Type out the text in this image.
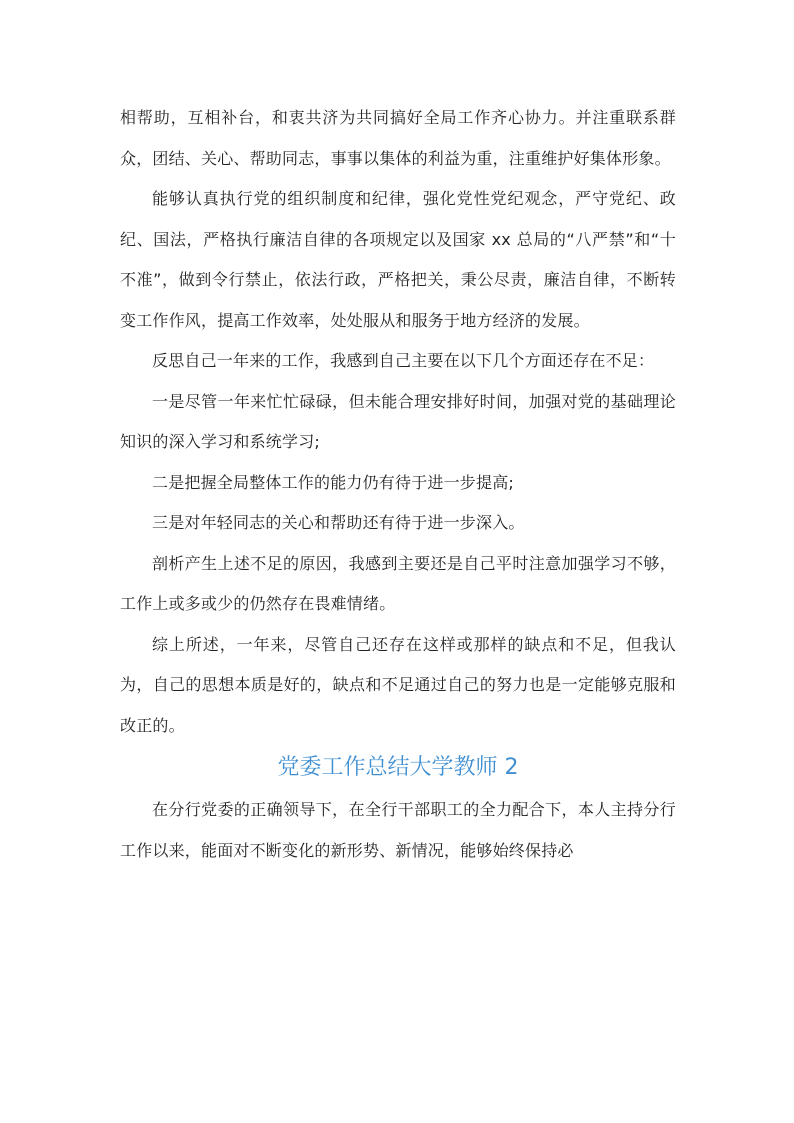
相帮助，互相补台，和衷共济为共同搞好全局工作齐心协力。并注重联系群众，团结、关心、帮助同志，事事以集体的利益为重，注重维护好集体形象。

能够认真执行党的组织制度和纪律，强化党性党纪观念，严守党纪、政纪、国法，严格执行廉洁自律的各项规定以及国家 xx 总局的“八严禁”和“十不准”，做到令行禁止，依法行政，严格把关，秉公尽责，廉洁自律，不断转变工作作风，提高工作效率，处处服从和服务于地方经济的发展。

反思自己一年来的工作，我感到自己主要在以下几个方面还存在不足：

一是尽管一年来忙忙碌碌，但未能合理安排好时间，加强对党的基础理论知识的深入学习和系统学习;

二是把握全局整体工作的能力仍有待于进一步提高;

三是对年轻同志的关心和帮助还有待于进一步深入。

剖析产生上述不足的原因，我感到主要还是自己平时注意加强学习不够，工作上或多或少的仍然存在畏难情绪。

综上所述，一年来，尽管自己还存在这样或那样的缺点和不足，但我认为，自己的思想本质是好的，缺点和不足通过自己的努力也是一定能够克服和改正的。

党委工作总结大学教师 2

在分行党委的正确领导下，在全行干部职工的全力配合下，本人主持分行工作以来，能面对不断变化的新形势、新情况，能够始终保持必
